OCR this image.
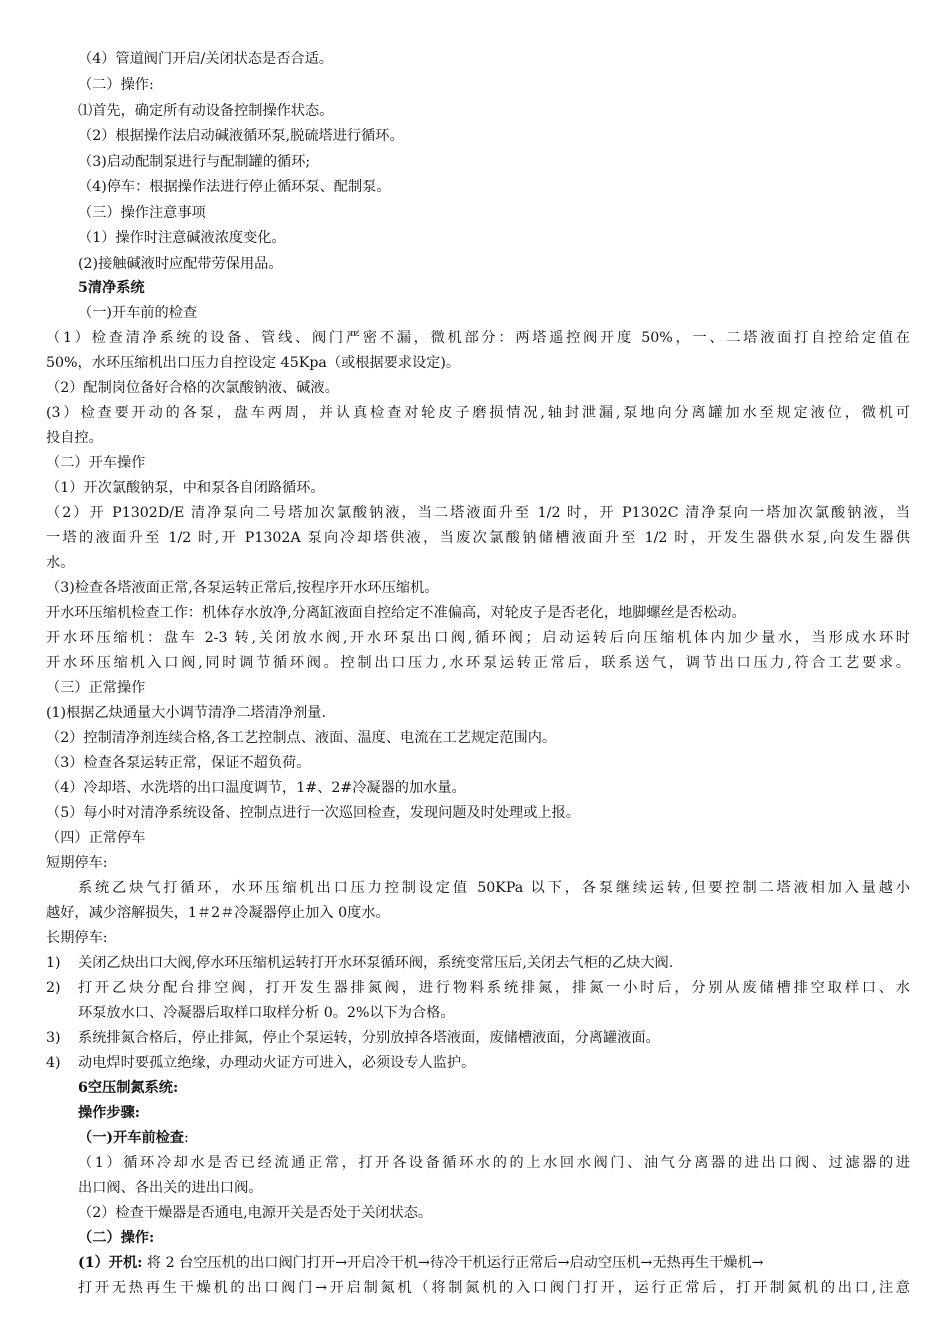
（4）管道阀门开启/关闭状态是否合适。

（二）操作:

⑴首先，确定所有动设备控制操作状态。

（2）根据操作法启动碱液循环泵,脱硫塔进行循环。

（3)启动配制泵进行与配制罐的循环;

（4)停车：根据操作法进行停止循环泵、配制泵。

（三）操作注意事项

（1）操作时注意碱液浓度变化。

(2)接触碱液时应配带劳保用品。

5清净系统

（一)开车前的检查

（1）检查清净系统的设备、管线、阀门严密不漏，微机部分：两塔遥控阀开度 50%，一、二塔液面打自控给定值在

50%，水环压缩机出口压力自控设定 45Kpa（或根据要求设定)。

（2）配制岗位备好合格的次氯酸钠液、碱液。

(3）检查要开动的各泵，盘车两周，并认真检查对轮皮子磨损情况,轴封泄漏,泵地向分离罐加水至规定液位，微机可

投自控。

（二）开车操作

（1）开次氯酸钠泵，中和泵各自闭路循环。

（2）开 P1302D/E 清净泵向二号塔加次氯酸钠液，当二塔液面升至 1/2 时，开 P1302C 清净泵向一塔加次氯酸钠液，当

一塔的液面升至 1/2 时,开 P1302A 泵向冷却塔供液，当废次氯酸钠储槽液面升至 1/2 时，开发生器供水泵,向发生器供

水。

（3)检查各塔液面正常,各泵运转正常后,按程序开水环压缩机。

开水环压缩机检查工作：机体存水放净,分离缸液面自控给定不准偏高，对轮皮子是否老化，地脚螺丝是否松动。

开水环压缩机：盘车 2-3 转,关闭放水阀,开水环泵出口阀,循环阀；启动运转后向压缩机体内加少量水，当形成水环时

开水环压缩机入口阀,同时调节循环阀。控制出口压力,水环泵运转正常后，联系送气，调节出口压力,符合工艺要求。

（三）正常操作

(1)根据乙炔通量大小调节清净二塔清净剂量.

（2）控制清净剂连续合格,各工艺控制点、液面、温度、电流在工艺规定范围内。

（3）检查各泵运转正常，保证不超负荷。

（4）冷却塔、水洗塔的出口温度调节，1#、2#冷凝器的加水量。

（5）每小时对清净系统设备、控制点进行一次巡回检查，发现问题及时处理或上报。

（四）正常停车

短期停车:

系统乙炔气打循环，水环压缩机出口压力控制设定值 50KPa 以下，各泵继续运转,但要控制二塔液相加入量越小

越好，减少溶解损失，1＃2＃冷凝器停止加入 0度水。

长期停车:

1) 关闭乙炔出口大阀,停水环压缩机运转打开水环泵循环阀，系统变常压后,关闭去气柜的乙炔大阀.

2) 打开乙炔分配台排空阀，打开发生器排氮阀，进行物料系统排氮，排氮一小时后，分别从废储槽排空取样口、水

环泵放水口、冷凝器后取样口取样分析 0。2%以下为合格。

3) 系统排氮合格后，停止排氮，停止个泵运转，分别放掉各塔液面，废储槽液面，分离罐液面。

4) 动电焊时要孤立绝缘，办理动火证方可进入，必须设专人监护。

6空压制氮系统:

操作步骤:

（一)开车前检查:

（1）循环冷却水是否已经流通正常，打开各设备循环水的的上水回水阀门、油气分离器的进出口阀、过滤器的进

出口阀、各出关的进出口阀。

（2）检查干燥器是否通电,电源开关是否处于关闭状态。

（二）操作:

(1）开机: 将 2 台空压机的出口阀门打开→开启冷干机→待冷干机运行正常后→启动空压机→无热再生干燥机→

打开无热再生干燥机的出口阀门→开启制氮机（将制氮机的入口阀门打开，运行正常后，打开制氮机的出口,注意
